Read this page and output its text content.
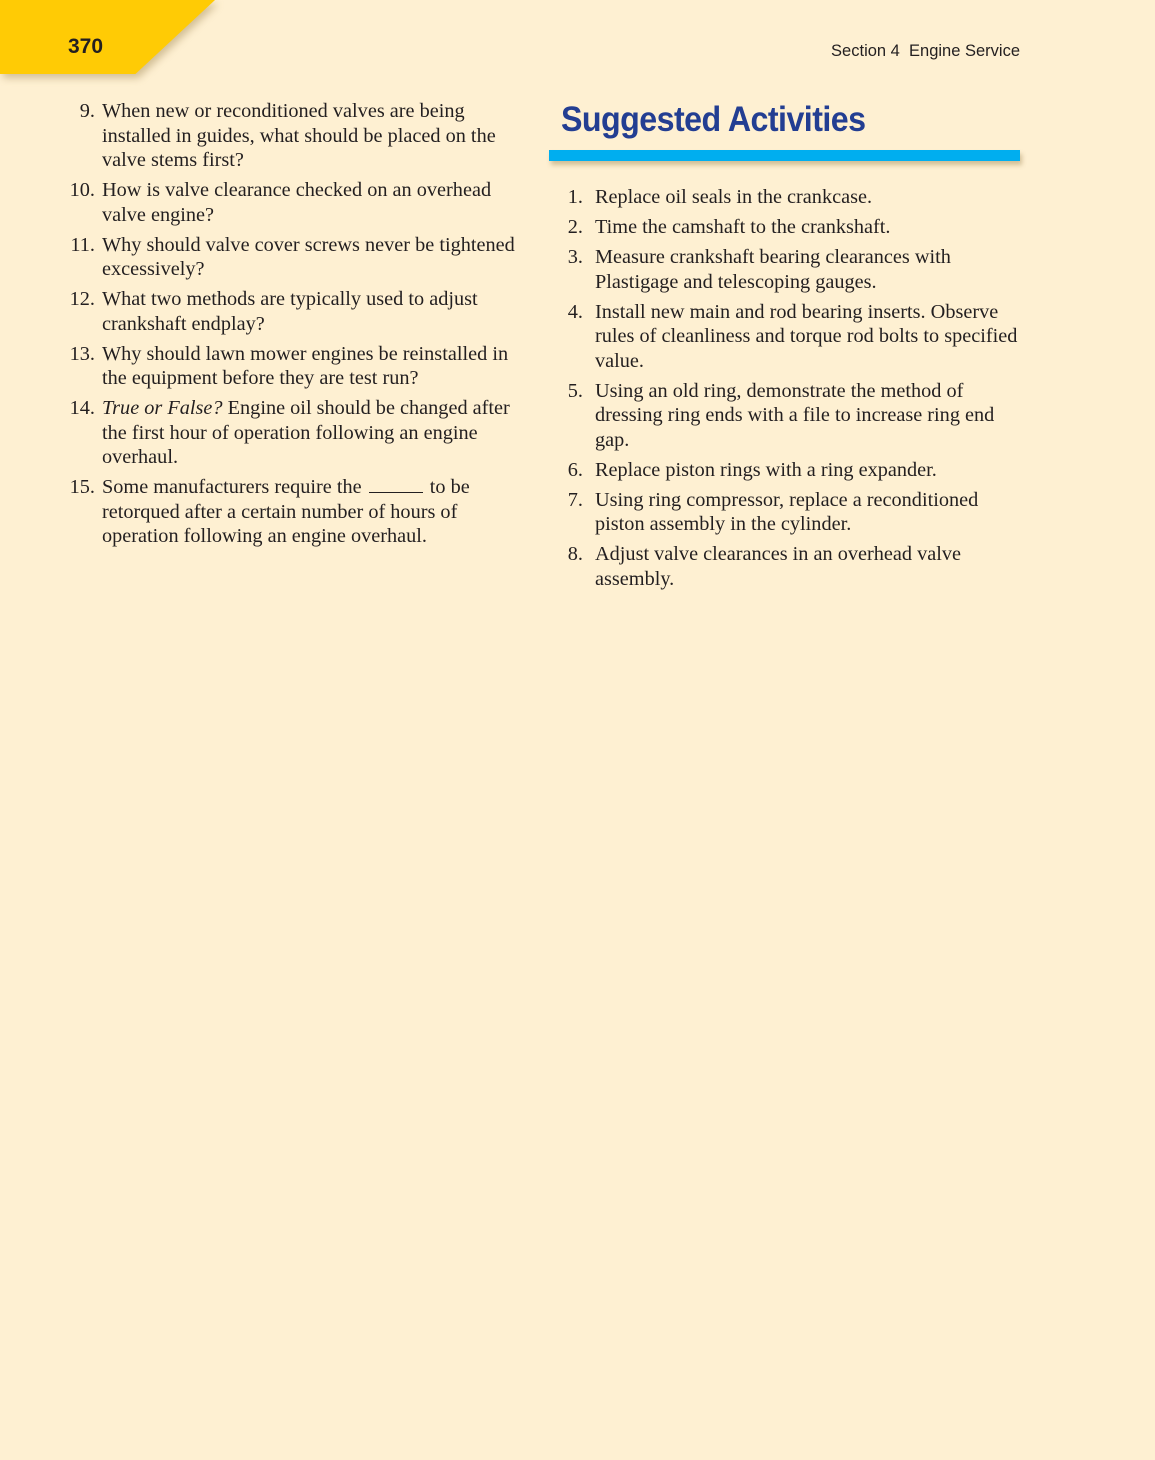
370	Section 4  Engine Service
9. When new or reconditioned valves are being installed in guides, what should be placed on the valve stems first?
10. How is valve clearance checked on an overhead valve engine?
11. Why should valve cover screws never be tightened excessively?
12. What two methods are typically used to adjust crankshaft endplay?
13. Why should lawn mower engines be reinstalled in the equipment before they are test run?
14. True or False? Engine oil should be changed after the first hour of operation following an engine overhaul.
15. Some manufacturers require the	to be retorqued after a certain number of hours of operation following an engine overhaul.
Suggested Activities
1. Replace oil seals in the crankcase.
2. Time the camshaft to the crankshaft.
3. Measure crankshaft bearing clearances with Plastigage and telescoping gauges.
4. Install new main and rod bearing inserts. Observe rules of cleanliness and torque rod bolts to specified value.
5. Using an old ring, demonstrate the method of dressing ring ends with a file to increase ring end gap.
6. Replace piston rings with a ring expander.
7. Using ring compressor, replace a reconditioned piston assembly in the cylinder.
8. Adjust valve clearances in an overhead valve assembly.
